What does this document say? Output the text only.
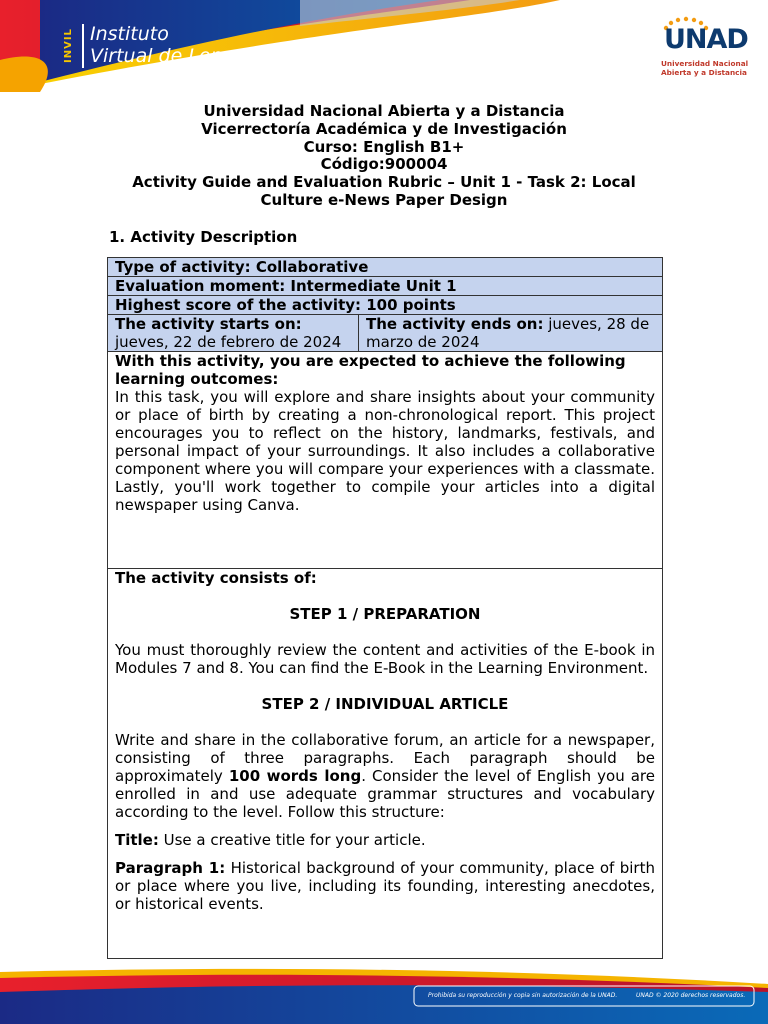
INVIL Instituto
Virtual de Lenguas
UNAD
Universidad Nacional
Abierta y a Distancia
Universidad Nacional Abierta y a Distancia
Vicerrectoría Académica y de Investigación
Curso: English B1+
Código:900004
Activity Guide and Evaluation Rubric – Unit 1 - Task 2: Local
Culture e-News Paper Design
1. Activity Description
Type of activity: Collaborative
Evaluation moment: Intermediate Unit 1
Highest score of the activity: 100 points
The activity starts on:
jueves, 22 de febrero de 2024
The activity ends on: jueves, 28 de marzo de 2024
With this activity, you are expected to achieve the following learning outcomes:
In this task, you will explore and share insights about your community or place of birth by creating a non-chronological report. This project encourages you to reflect on the history, landmarks, festivals, and personal impact of your surroundings. It also includes a collaborative component where you will compare your experiences with a classmate. Lastly, you'll work together to compile your articles into a digital newspaper using Canva.
The activity consists of:
STEP 1 / PREPARATION
You must thoroughly review the content and activities of the E-book in Modules 7 and 8. You can find the E-Book in the Learning Environment.
STEP 2 / INDIVIDUAL ARTICLE
Write and share in the collaborative forum, an article for a newspaper, consisting of three paragraphs. Each paragraph should be approximately 100 words long. Consider the level of English you are enrolled in and use adequate grammar structures and vocabulary according to the level. Follow this structure:
Title: Use a creative title for your article.
Paragraph 1: Historical background of your community, place of birth or place where you live, including its founding, interesting anecdotes, or historical events.
Prohibida su reproducción y copia sin autorización de la UNAD.	UNAD © 2020 derechos reservados.
